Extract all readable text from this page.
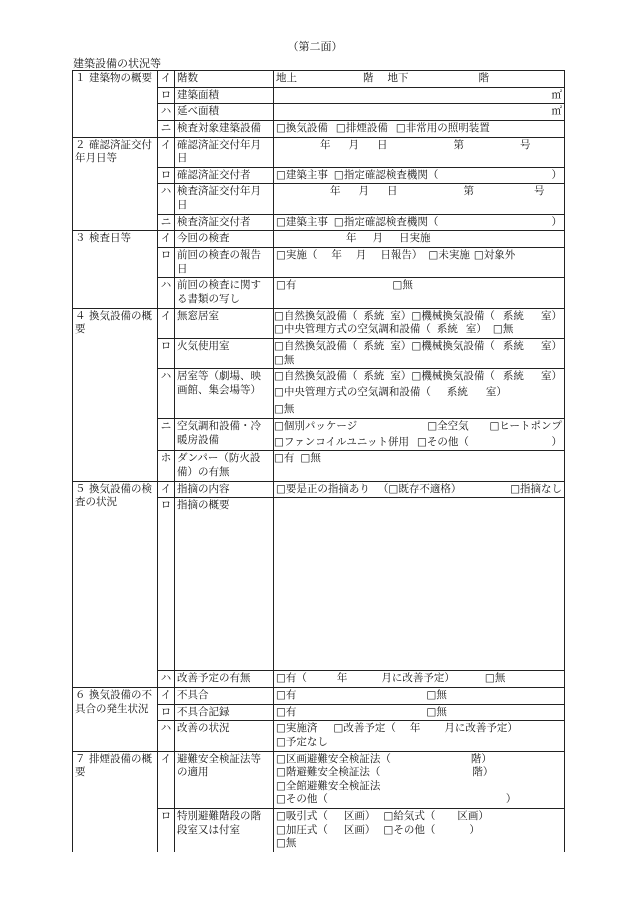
（第二面）
建築設備の状況等
１ 建築物の概要	イ	階数	地上 階 地下 階
	ロ	建築面積	㎡

	ハ	延べ面積	㎡

	ニ	検査対象建築設備	□換気設備 □排煙設備 □非常用の照明装置
２ 確認済証交付年月日等	イ	確認済証交付年月日	年 月 日 第 号
	ロ	確認済証交付者	□建築主事 □指定確認検査機関（ ）

	ハ	検査済証交付年月日	年 月 日 第 号
	ニ	検査済証交付者	□建築主事 □指定確認検査機関（ ）

３ 検査日等	イ	今回の検査	年 月 日実施
	ロ	前回の検査の報告日	□実施（ 年 月 日報告） □未実施 □対象外
	ハ	前回の検査に関する書類の写し	□有 □無
４ 換気設備の概要	イ	無窓居室	□自然換気設備（ 系統 室）□機械換気設備（ 系統 室）
□中央管理方式の空気調和設備（ 系統 室） □無

	ロ	火気使用室	□自然換気設備（ 系統 室）□機械換気設備（ 系統 室）
□無

	ハ	居室等（劇場、映画館、集会場等）	□自然換気設備（ 系統 室）□機械換気設備（ 系統 室）
□中央管理方式の空気調和設備（ 系統 室）
□無

	ニ	空気調和設備・冷暖房設備	□個別パッケージ □全空気 □ヒートポンプ
□ファンコイルユニット併用 □その他（ ）

	ホ	ダンパー（防火設備）の有無	□有 □無
５ 換気設備の検査の状況	イ	指摘の内容	□要是正の指摘あり （□既存不適格） □指摘なし

	ロ	指摘の概要	
	ハ	改善予定の有無	□有（ 年 月に改善予定） □無
６ 換気設備の不具合の発生状況	イ	不具合	□有 □無
	ロ	不具合記録	□有 □無
	ハ	改善の状況	□実施済 □改善予定（ 年 月に改善予定）
□予定なし

７ 排煙設備の概要	イ	避難安全検証法等の適用	□区画避難安全検証法（ 階）
□階避難安全検証法（ 階）
□全館避難安全検証法
□その他（ ）

	ロ	特別避難階段の階段室又は付室	□吸引式（ 区画） □給気式（ 区画）
□加圧式（ 区画） □その他（ ）
□無
